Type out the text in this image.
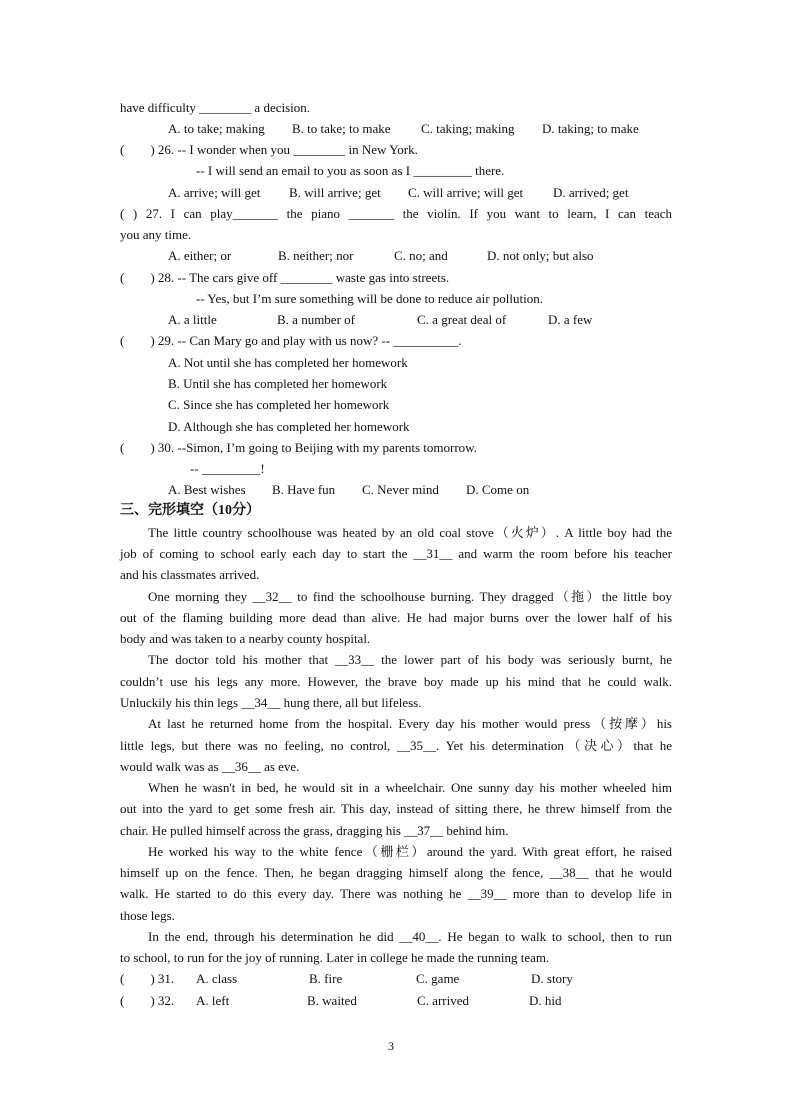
have difficulty ________ a decision.
A. to take; making B. to take; to make C. taking; making D. taking; to make
(        ) 26. -- I wonder when you ________ in New York.
-- I will send an email to you as soon as I _________ there.
A. arrive; will get B. will arrive; get C. will arrive; will get D. arrived; get
( ) 27. I can play_______ the piano _______ the violin. If you want to learn, I can teach
you any time.
A. either; or	B. neither; nor	C. no; and	D. not only; but also
(        ) 28. -- The cars give off ________ waste gas into streets.
-- Yes, but I’m sure something will be done to reduce air pollution.
A. a little	B. a number of	C. a great deal of	D. a few
(        ) 29. -- Can Mary go and play with us now? -- __________.
A. Not until she has completed her homework
B. Until she has completed her homework
C. Since she has completed her homework
D. Although she has completed her homework
(        ) 30. --Simon, I’m going to Beijing with my parents tomorrow.
-- _________!
A. Best wishes B. Have fun C. Never mind D. Come on
三、完形填空（10分）
The little country schoolhouse was heated by an old coal stove（火炉）. A little boy had the
job of coming to school early each day to start the __31__ and warm the room before his teacher
and his classmates arrived.
One morning they __32__ to find the schoolhouse burning. They dragged（拖）the little boy
out of the flaming building more dead than alive. He had major burns over the lower half of his
body and was taken to a nearby county hospital.
The doctor told his mother that __33__ the lower part of his body was seriously burnt, he
couldn’t use his legs any more. However, the brave boy made up his mind that he could walk.
Unluckily his thin legs __34__ hung there, all but lifeless.
At last he returned home from the hospital. Every day his mother would press（按摩）his
little legs, but there was no feeling, no control, __35__. Yet his determination（决心）that he
would walk was as __36__ as eve.
When he wasn't in bed, he would sit in a wheelchair. One sunny day his mother wheeled him
out into the yard to get some fresh air. This day, instead of sitting there, he threw himself from the
chair. He pulled himself across the grass, dragging his __37__ behind him.
He worked his way to the white fence（栅栏）around the yard. With great effort, he raised
himself up on the fence. Then, he began dragging himself along the fence, __38__ that he would
walk. He started to do this every day. There was nothing he __39__ more than to develop life in
those legs.
In the end, through his determination he did __40__. He began to walk to school, then to run
to school, to run for the joy of running. Later in college he made the running team.
(        ) 31. A. class	B. fire	C. game	D. story
(        ) 32. A. left	B. waited	C. arrived	D. hid
3
